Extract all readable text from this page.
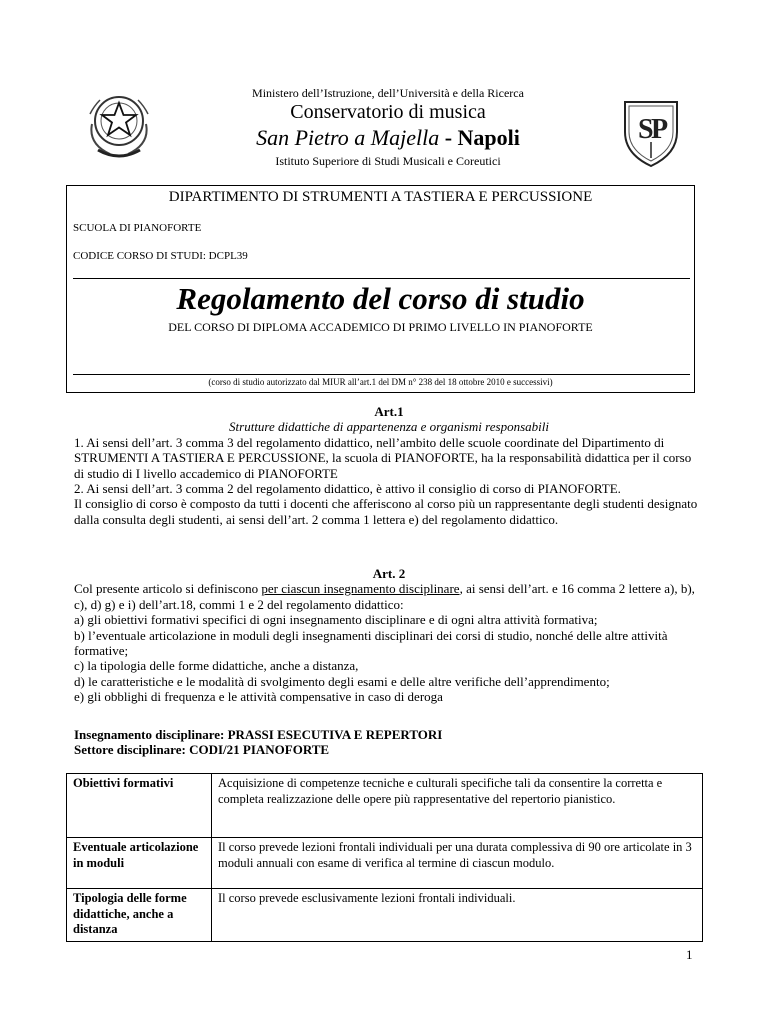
Ministero dell’Istruzione, dell’Università e della Ricerca
Conservatorio di musica
San Pietro a Majella - Napoli
Istituto Superiore di Studi Musicali e Coreutici
S
P
DIPARTIMENTO DI STRUMENTI A TASTIERA E PERCUSSIONE
SCUOLA DI PIANOFORTE
CODICE CORSO DI STUDI: DCPL39
Regolamento del corso di studio
DEL CORSO DI DIPLOMA ACCADEMICO DI PRIMO LIVELLO IN PIANOFORTE
(corso di studio autorizzato dal MIUR all’art.1 del DM n° 238 del 18 ottobre 2010 e successivi)
Art.1
Strutture didattiche di appartenenza e organismi responsabili

1. Ai sensi dell’art. 3 comma 3 del regolamento didattico, nell’ambito delle scuole coordinate del Dipartimento di STRUMENTI A TASTIERA E PERCUSSIONE, la scuola di PIANOFORTE, ha la responsabilità didattica per il corso di studio di I livello accademico di PIANOFORTE

2. Ai sensi dell’art. 3 comma 2 del regolamento didattico, è attivo il consiglio di corso di PIANOFORTE.

Il consiglio di corso è composto da tutti i docenti che afferiscono al corso più un rappresentante degli studenti designato dalla consulta degli studenti, ai sensi dell’art. 2 comma 1 lettera e) del regolamento didattico.

Art. 2

Col presente articolo si definiscono per ciascun insegnamento disciplinare, ai sensi dell’art. e 16 comma 2 lettere a), b), c), d) g) e i) dell’art.18, commi 1 e 2 del regolamento didattico:

a) gli obiettivi formativi specifici di ogni insegnamento disciplinare e di ogni altra attività formativa;

b) l’eventuale articolazione in moduli degli insegnamenti disciplinari dei corsi di studio, nonché delle altre attività formative;

c) la tipologia delle forme didattiche, anche a distanza,

d) le caratteristiche e le modalità di svolgimento degli esami e delle altre verifiche dell’apprendimento;

e) gli obblighi di frequenza e le attività compensative in caso di deroga

Insegnamento disciplinare: PRASSI ESECUTIVA E REPERTORI
Settore disciplinare: CODI/21 PIANOFORTE
Obiettivi formativi	Acquisizione di competenze tecniche e culturali specifiche tali da consentire la corretta e completa realizzazione delle opere più rappresentative del repertorio pianistico.
Eventuale articolazione in moduli	Il corso prevede lezioni frontali individuali per una durata complessiva di 90 ore articolate in 3 moduli annuali con esame di verifica al termine di ciascun modulo.
Tipologia delle forme didattiche, anche a distanza	Il corso prevede esclusivamente lezioni frontali individuali.
1
